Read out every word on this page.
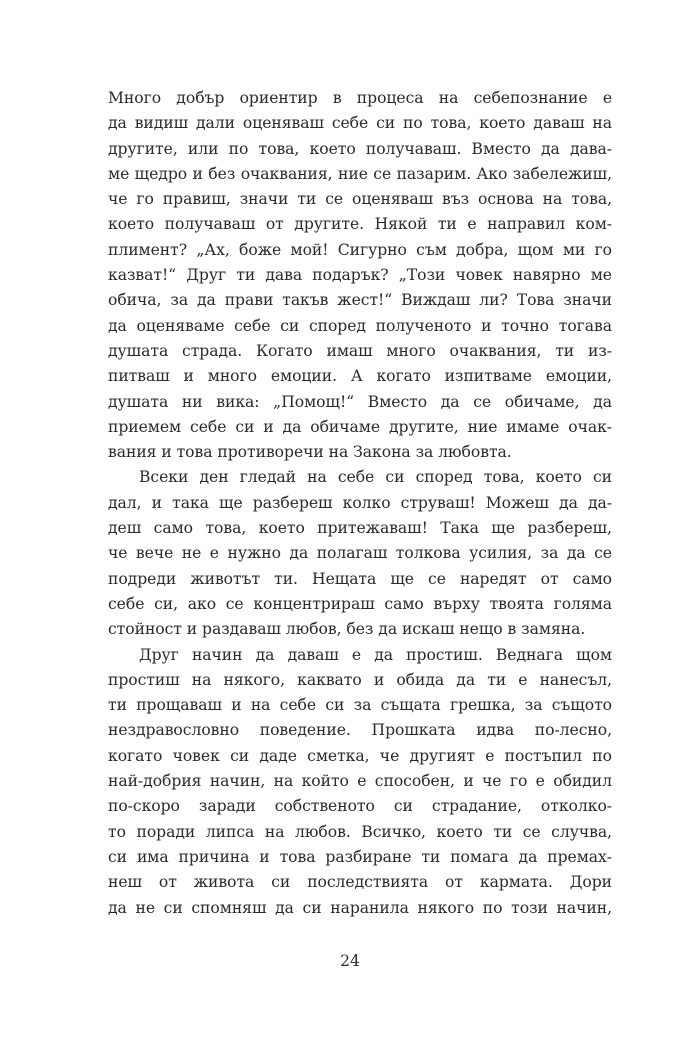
Много добър ориентир в процеса на себепознание е
да видиш дали оценяваш себе си по това, което даваш на
другите, или по това, което получаваш. Вместо да дава-
ме щедро и без очаквания, ние се пазарим. Ако забележиш,
че го правиш, значи ти се оценяваш въз основа на това,
което получаваш от другите. Някой ти е направил ком-
плимент? „Ах, боже мой! Сигурно съм добра, щом ми го
казват!“ Друг ти дава подарък? „Този човек навярно ме
обича, за да прави такъв жест!“ Виждаш ли? Това значи
да оценяваме себе си според полученото и точно тогава
душата страда. Когато имаш много очаквания, ти из-
питваш и много емоции. А когато изпитваме емоции,
душата ни вика: „Помощ!“ Вместо да се обичаме, да
приемем себе си и да обичаме другите, ние имаме очак-
вания и това противоречи на Закона за любовта.
Всеки ден гледай на себе си според това, което си
дал, и така ще разбереш колко струваш! Можеш да да-
деш само това, което притежаваш! Така ще разбереш,
че вече не е нужно да полагаш толкова усилия, за да се
подреди животът ти. Нещата ще се наредят от само
себе си, ако се концентрираш само върху твоята голяма
стойност и раздаваш любов, без да искаш нещо в замяна.
Друг начин да даваш е да простиш. Веднага щом
простиш на някого, каквато и обида да ти е нанесъл,
ти прощаваш и на себе си за същата грешка, за същото
нездравословно поведение. Прошката идва по-лесно,
когато човек си даде сметка, че другият е постъпил по
най-добрия начин, на който е способен, и че го е обидил
по-скоро заради собственото си страдание, отколко-
то поради липса на любов. Всичко, което ти се случва,
си има причина и това разбиране ти помага да премах-
неш от живота си последствията от кармата. Дори
да не си спомняш да си наранила някого по този начин,
24
